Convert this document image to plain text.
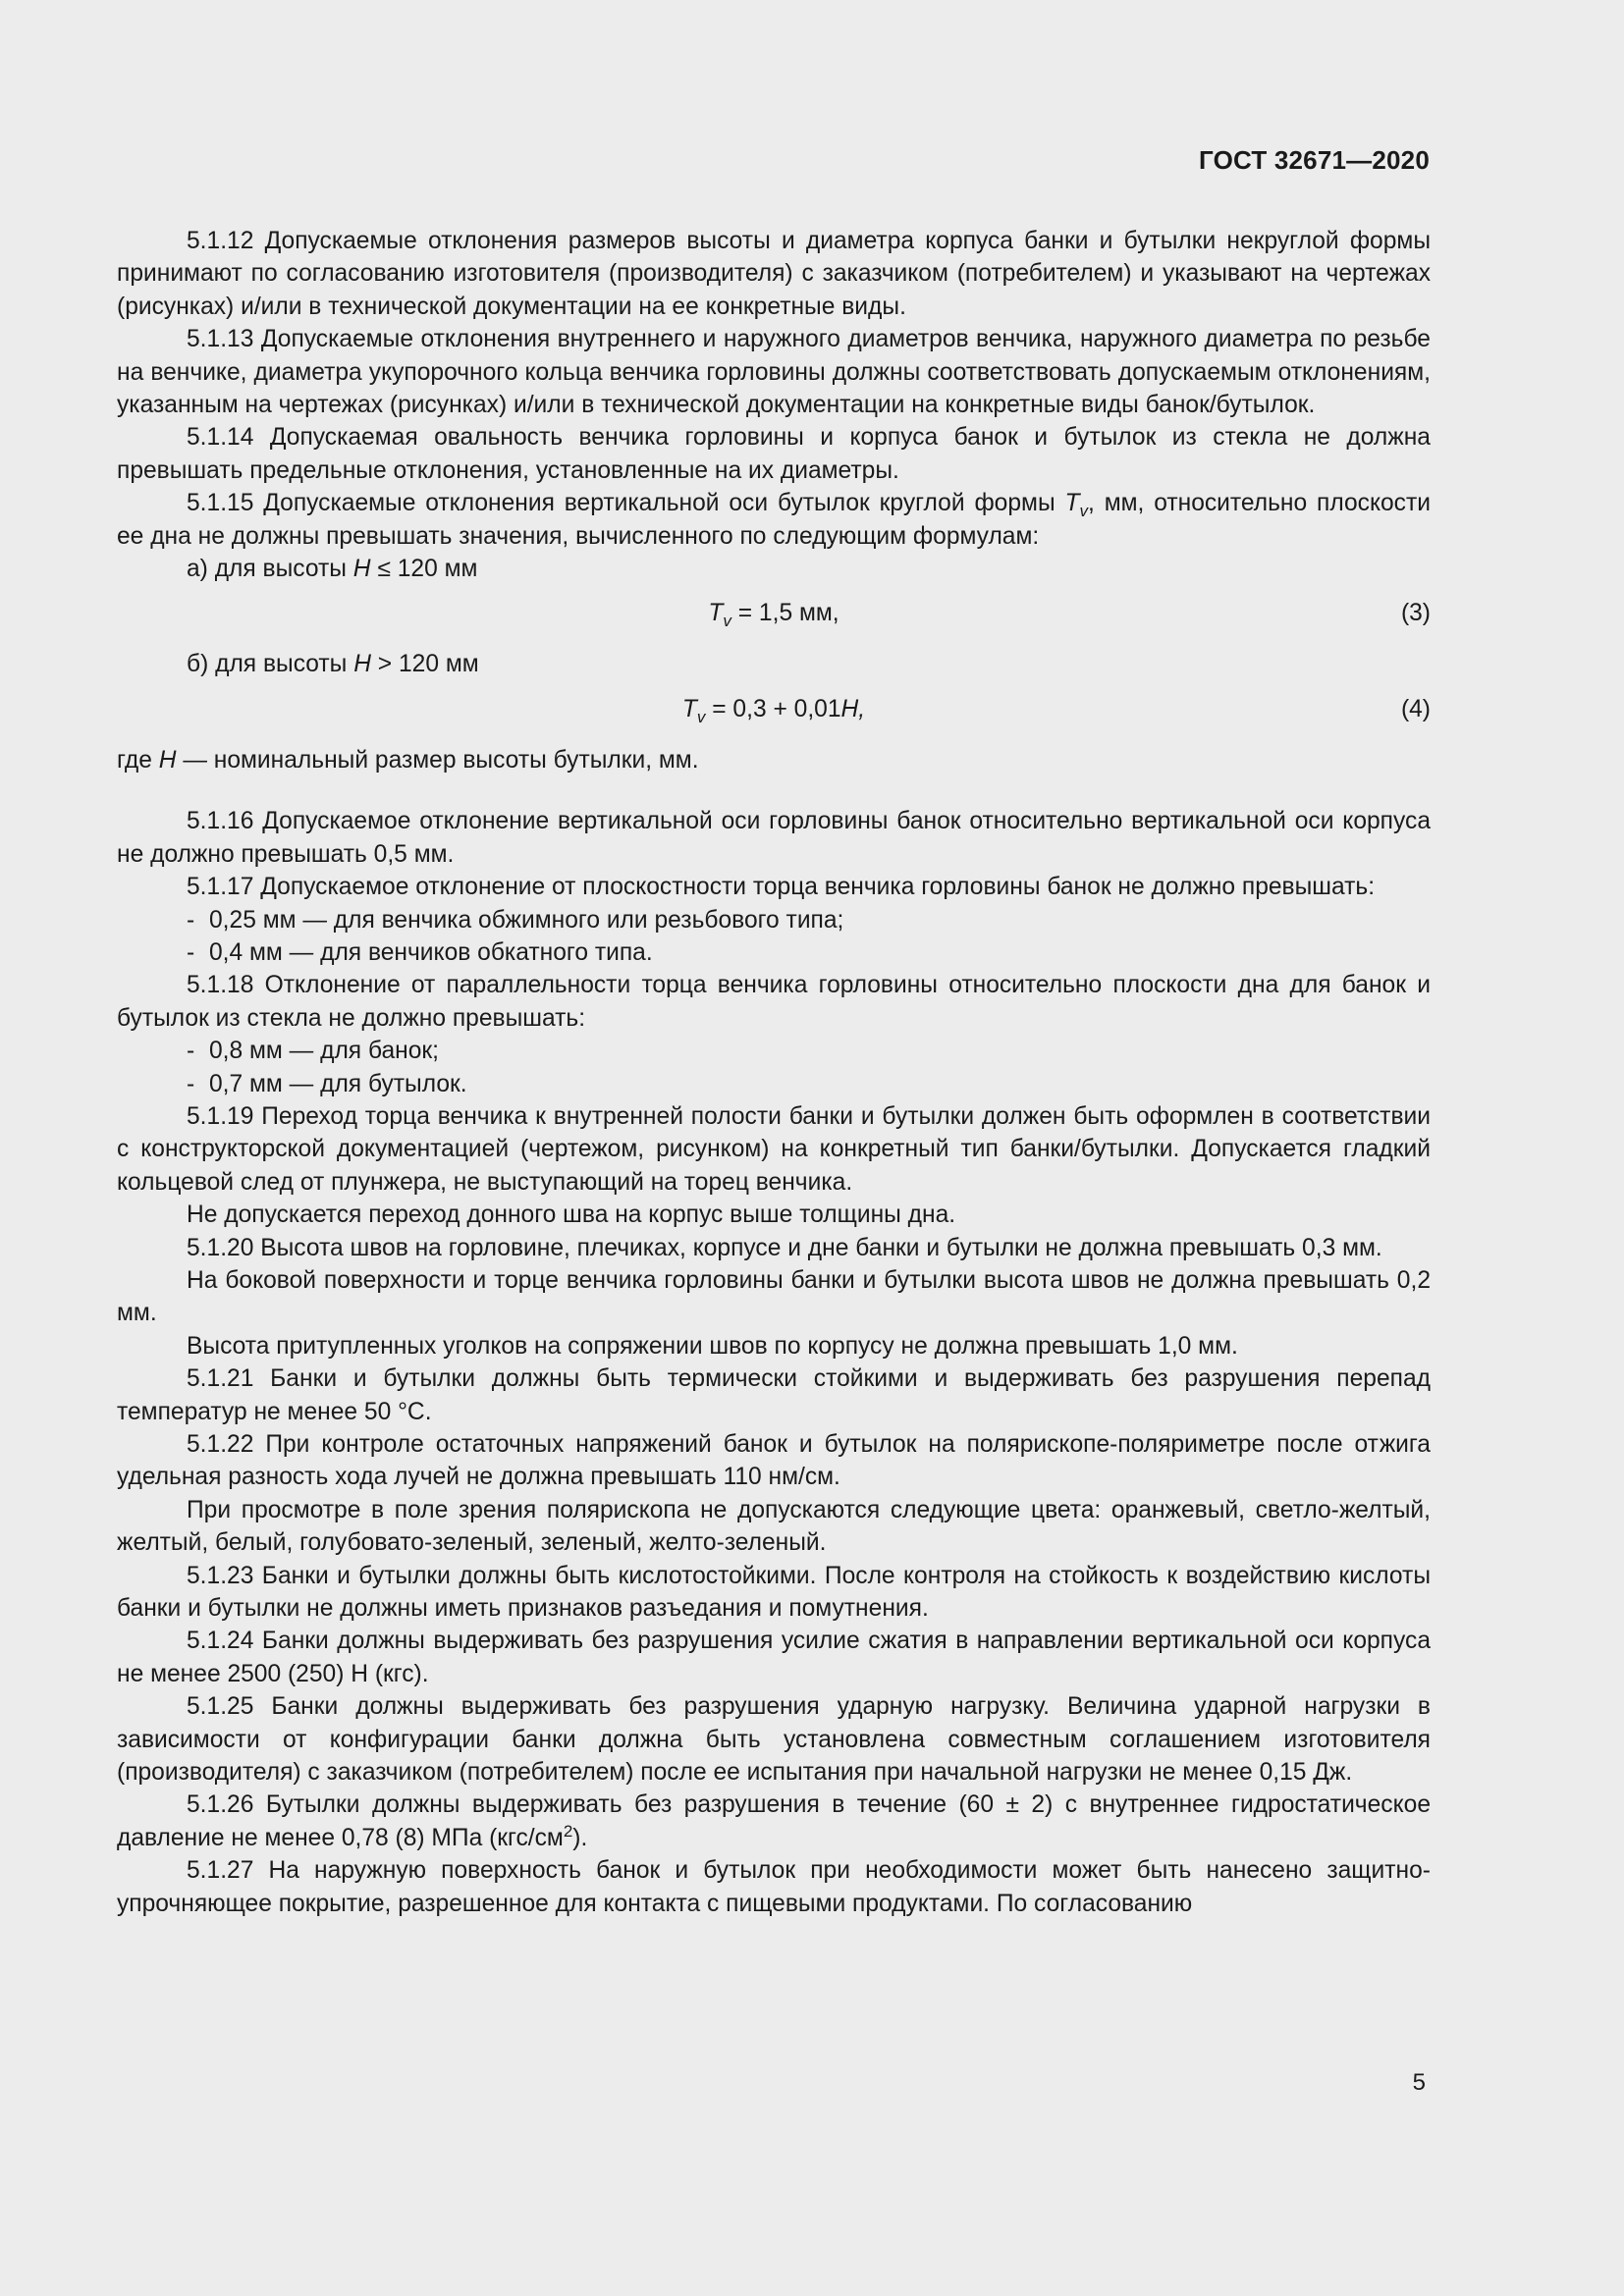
ГОСТ 32671—2020

5.1.12 Допускаемые отклонения размеров высоты и диаметра корпуса банки и бутылки некруглой формы принимают по согласованию изготовителя (производителя) с заказчиком (потребителем) и указывают на чертежах (рисунках) и/или в технической документации на ее конкретные виды.

5.1.13 Допускаемые отклонения внутреннего и наружного диаметров венчика, наружного диаметра по резьбе на венчике, диаметра укупорочного кольца венчика горловины должны соответствовать допускаемым отклонениям, указанным на чертежах (рисунках) и/или в технической документации на конкретные виды банок/бутылок.

5.1.14 Допускаемая овальность венчика горловины и корпуса банок и бутылок из стекла не должна превышать предельные отклонения, установленные на их диаметры.

5.1.15 Допускаемые отклонения вертикальной оси бутылок круглой формы $T_v$, мм, относительно плоскости ее дна не должны превышать значения, вычисленного по следующим формулам:

а) для высоты H ≤ 120 мм

$T_v = 1,5$ мм,	(3)

б) для высоты H > 120 мм

$T_v = 0,3 + 0,01H$,	(4)

где H — номинальный размер высоты бутылки, мм.

5.1.16 Допускаемое отклонение вертикальной оси горловины банок относительно вертикальной оси корпуса не должно превышать 0,5 мм.

5.1.17 Допускаемое отклонение от плоскостности торца венчика горловины банок не должно превышать:

- 0,25 мм — для венчика обжимного или резьбового типа;

- 0,4 мм — для венчиков обкатного типа.

5.1.18 Отклонение от параллельности торца венчика горловины относительно плоскости дна для банок и бутылок из стекла не должно превышать:

- 0,8 мм — для банок;

- 0,7 мм — для бутылок.

5.1.19 Переход торца венчика к внутренней полости банки и бутылки должен быть оформлен в соответствии с конструкторской документацией (чертежом, рисунком) на конкретный тип банки/бутылки. Допускается гладкий кольцевой след от плунжера, не выступающий на торец венчика.

Не допускается переход донного шва на корпус выше толщины дна.

5.1.20 Высота швов на горловине, плечиках, корпусе и дне банки и бутылки не должна превышать 0,3 мм.

На боковой поверхности и торце венчика горловины банки и бутылки высота швов не должна превышать 0,2 мм.

Высота притупленных уголков на сопряжении швов по корпусу не должна превышать 1,0 мм.

5.1.21 Банки и бутылки должны быть термически стойкими и выдерживать без разрушения перепад температур не менее 50 °С.

5.1.22 При контроле остаточных напряжений банок и бутылок на полярископе-поляриметре после отжига удельная разность хода лучей не должна превышать 110 нм/см.

При просмотре в поле зрения полярископа не допускаются следующие цвета: оранжевый, светло-желтый, желтый, белый, голубовато-зеленый, зеленый, желто-зеленый.

5.1.23 Банки и бутылки должны быть кислотостойкими. После контроля на стойкость к воздействию кислоты банки и бутылки не должны иметь признаков разъедания и помутнения.

5.1.24 Банки должны выдерживать без разрушения усилие сжатия в направлении вертикальной оси корпуса не менее 2500 (250) Н (кгс).

5.1.25 Банки должны выдерживать без разрушения ударную нагрузку. Величина ударной нагрузки в зависимости от конфигурации банки должна быть установлена совместным соглашением изготовителя (производителя) с заказчиком (потребителем) после ее испытания при начальной нагрузки не менее 0,15 Дж.

5.1.26 Бутылки должны выдерживать без разрушения в течение (60 ± 2) с внутреннее гидростатическое давление не менее 0,78 (8) МПа $(кгс/см^2)$.

5.1.27 На наружную поверхность банок и бутылок при необходимости может быть нанесено защитно-упрочняющее покрытие, разрешенное для контакта с пищевыми продуктами. По согласованию

5
